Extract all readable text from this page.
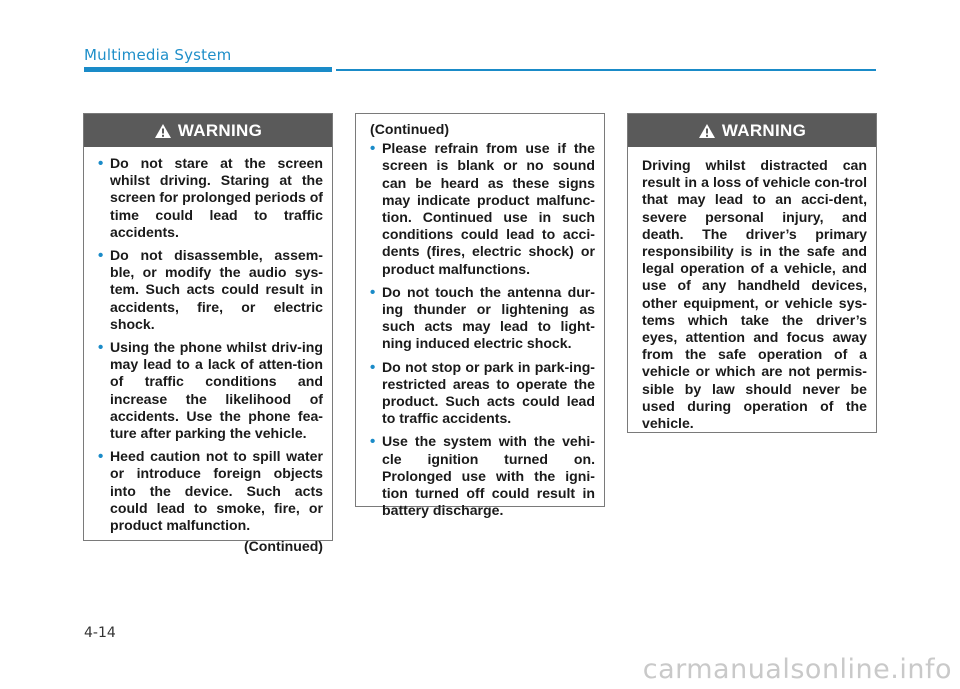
Multimedia System
WARNING
• Do not stare at the screen whilst driving. Staring at the screen for prolonged periods of time could lead to traffic accidents.
• Do not disassemble, assem-ble, or modify the audio sys-tem. Such acts could result in accidents, fire, or electric shock.
• Using the phone whilst driv-ing may lead to a lack of atten-tion of traffic conditions and increase the likelihood of accidents. Use the phone fea-ture after parking the vehicle.
• Heed caution not to spill water or introduce foreign objects into the device. Such acts could lead to smoke, fire, or product malfunction.
(Continued)
(Continued)
• Please refrain from use if the screen is blank or no sound can be heard as these signs may indicate product malfunc-tion. Continued use in such conditions could lead to acci-dents (fires, electric shock) or product malfunctions.
• Do not touch the antenna dur-ing thunder or lightening as such acts may lead to light-ning induced electric shock.
• Do not stop or park in park-ing-restricted areas to operate the product. Such acts could lead to traffic accidents.
• Use the system with the vehi-cle ignition turned on. Prolonged use with the igni-tion turned off could result in battery discharge.
WARNING
Driving whilst distracted can result in a loss of vehicle con-trol that may lead to an acci-dent, severe personal injury, and death. The driver’s primary responsibility is in the safe and legal operation of a vehicle, and use of any handheld devices, other equipment, or vehicle sys-tems which take the driver’s eyes, attention and focus away from the safe operation of a vehicle or which are not permis-sible by law should never be used during operation of the vehicle.
4-14
carmanualsonline.info
